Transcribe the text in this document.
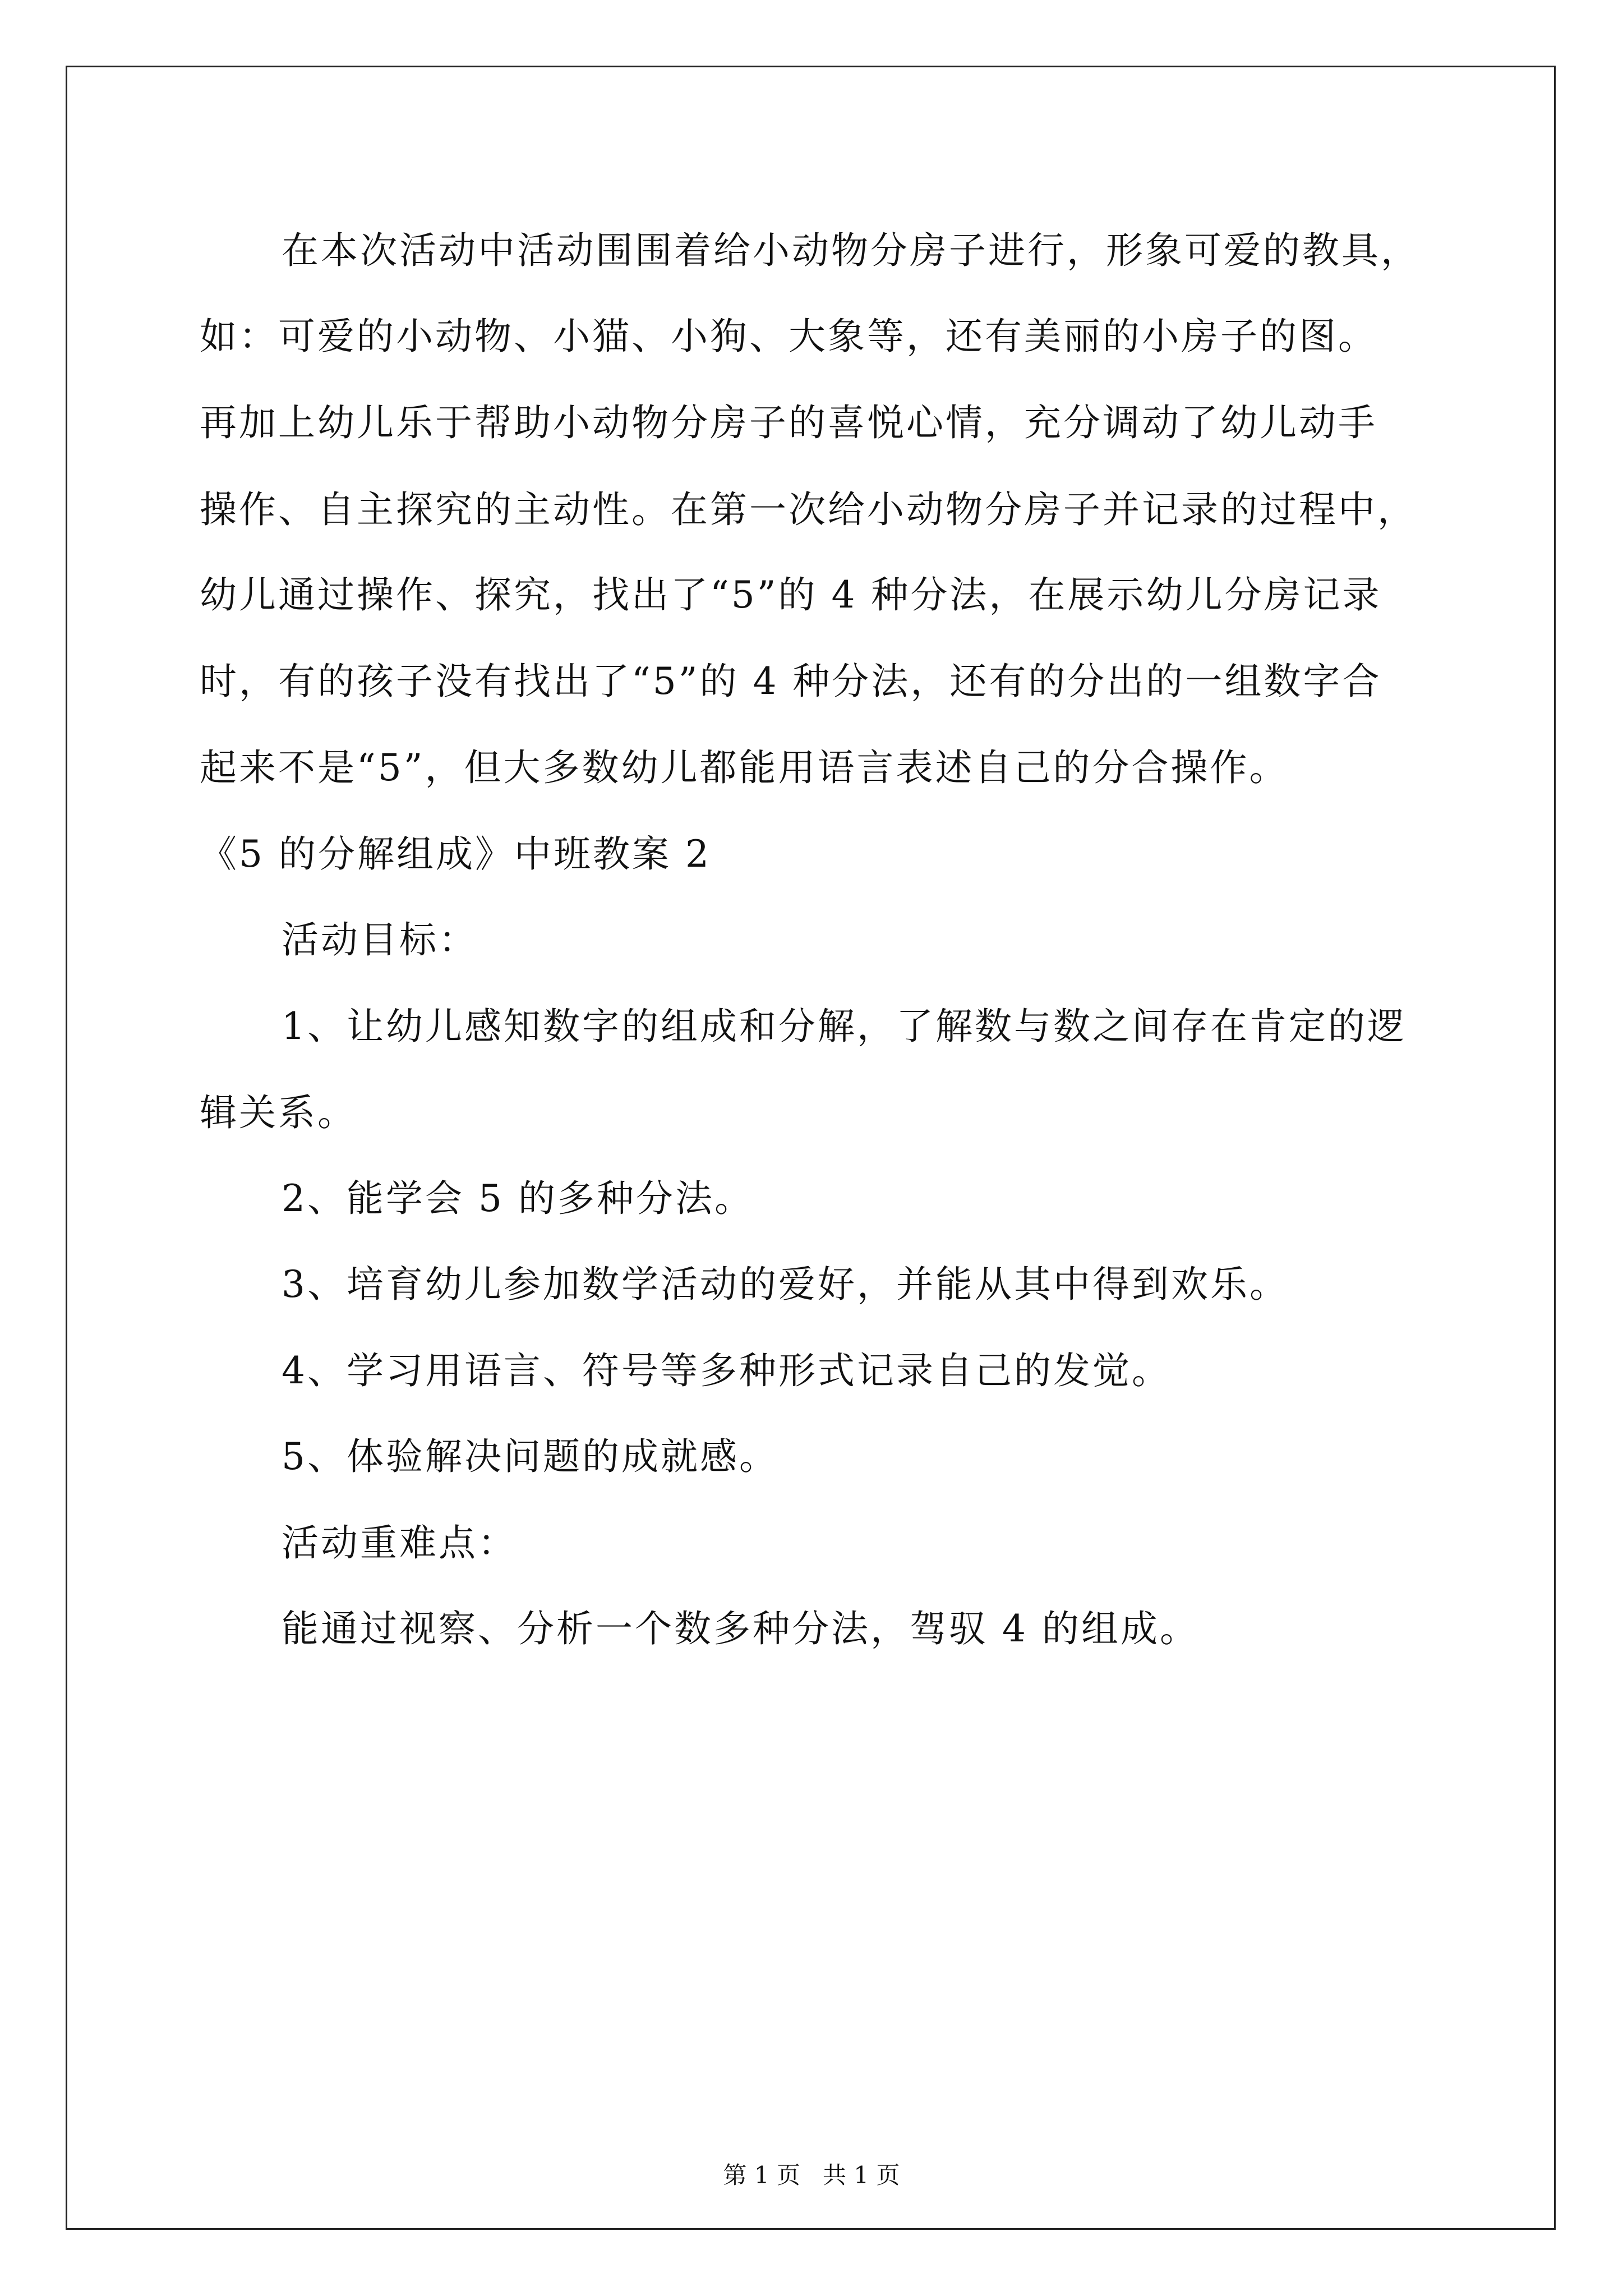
在本次活动中活动围围着给小动物分房子进行，形象可爱的教具，
如：可爱的小动物、小猫、小狗、大象等，还有美丽的小房子的图。
再加上幼儿乐于帮助小动物分房子的喜悦心情，充分调动了幼儿动手
操作、自主探究的主动性。在第一次给小动物分房子并记录的过程中，
幼儿通过操作、探究，找出了“5”的 4 种分法，在展示幼儿分房记录
时，有的孩子没有找出了“5”的 4 种分法，还有的分出的一组数字合
起来不是“5”，但大多数幼儿都能用语言表述自己的分合操作。
《5 的分解组成》中班教案 2
活动目标：
1、让幼儿感知数字的组成和分解，了解数与数之间存在肯定的逻
辑关系。
2、能学会 5 的多种分法。
3、培育幼儿参加数学活动的爱好，并能从其中得到欢乐。
4、学习用语言、符号等多种形式记录自己的发觉。
5、体验解决问题的成就感。
活动重难点：
能通过视察、分析一个数多种分法，驾驭 4 的组成。
第 1 页   共 1 页
